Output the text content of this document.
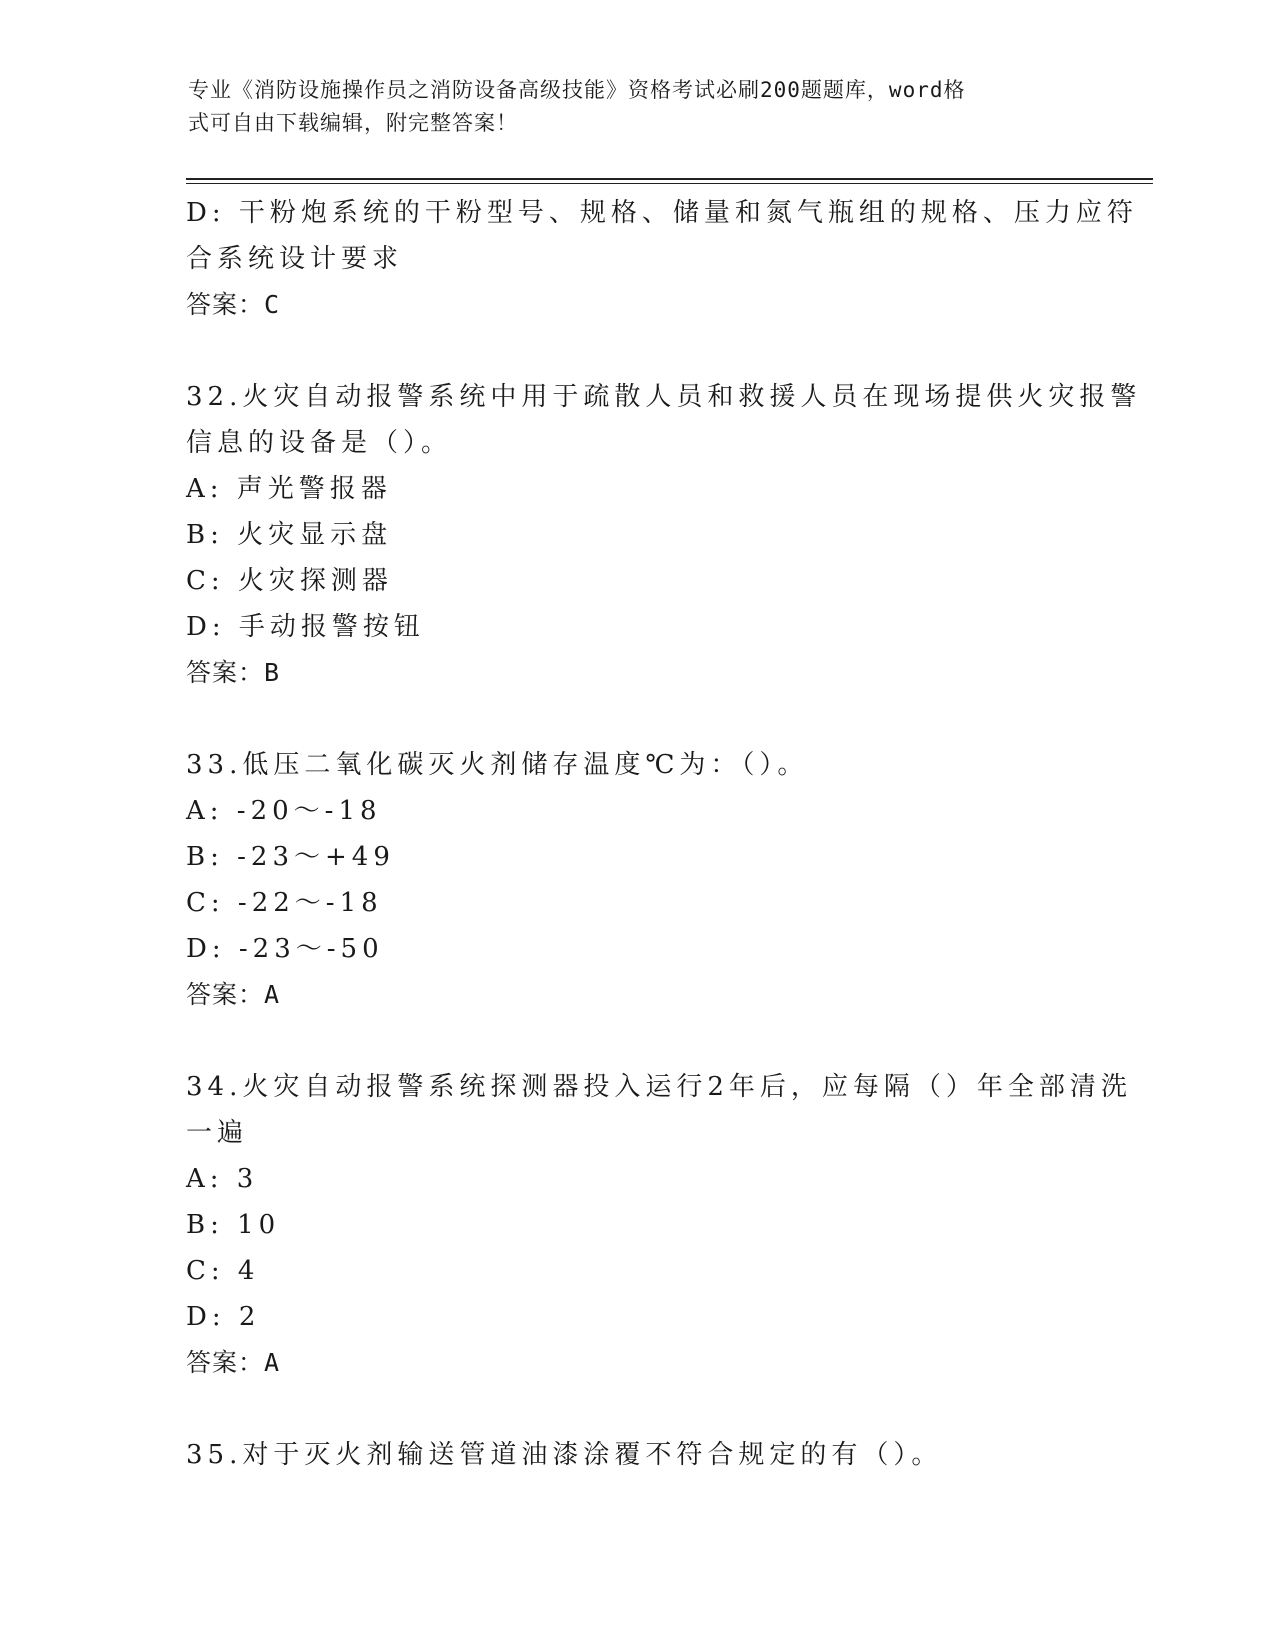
专业《消防设施操作员之消防设备高级技能》资格考试必刷200题题库，word格
式可自由下载编辑，附完整答案！
D: 干粉炮系统的干粉型号、规格、储量和氮气瓶组的规格、压力应符
合系统设计要求
答案：C
32.火灾自动报警系统中用于疏散人员和救援人员在现场提供火灾报警
信息的设备是（）。
A: 声光警报器
B: 火灾显示盘
C: 火灾探测器
D: 手动报警按钮
答案：B
33.低压二氧化碳灭火剂储存温度℃为：（）。
A: -20～-18
B: -23～+49
C: -22～-18
D: -23～-50
答案：A
34.火灾自动报警系统探测器投入运行2年后，应每隔（）年全部清洗
一遍
A: 3
B: 10
C: 4
D: 2
答案：A
35.对于灭火剂输送管道油漆涂覆不符合规定的有（）。
